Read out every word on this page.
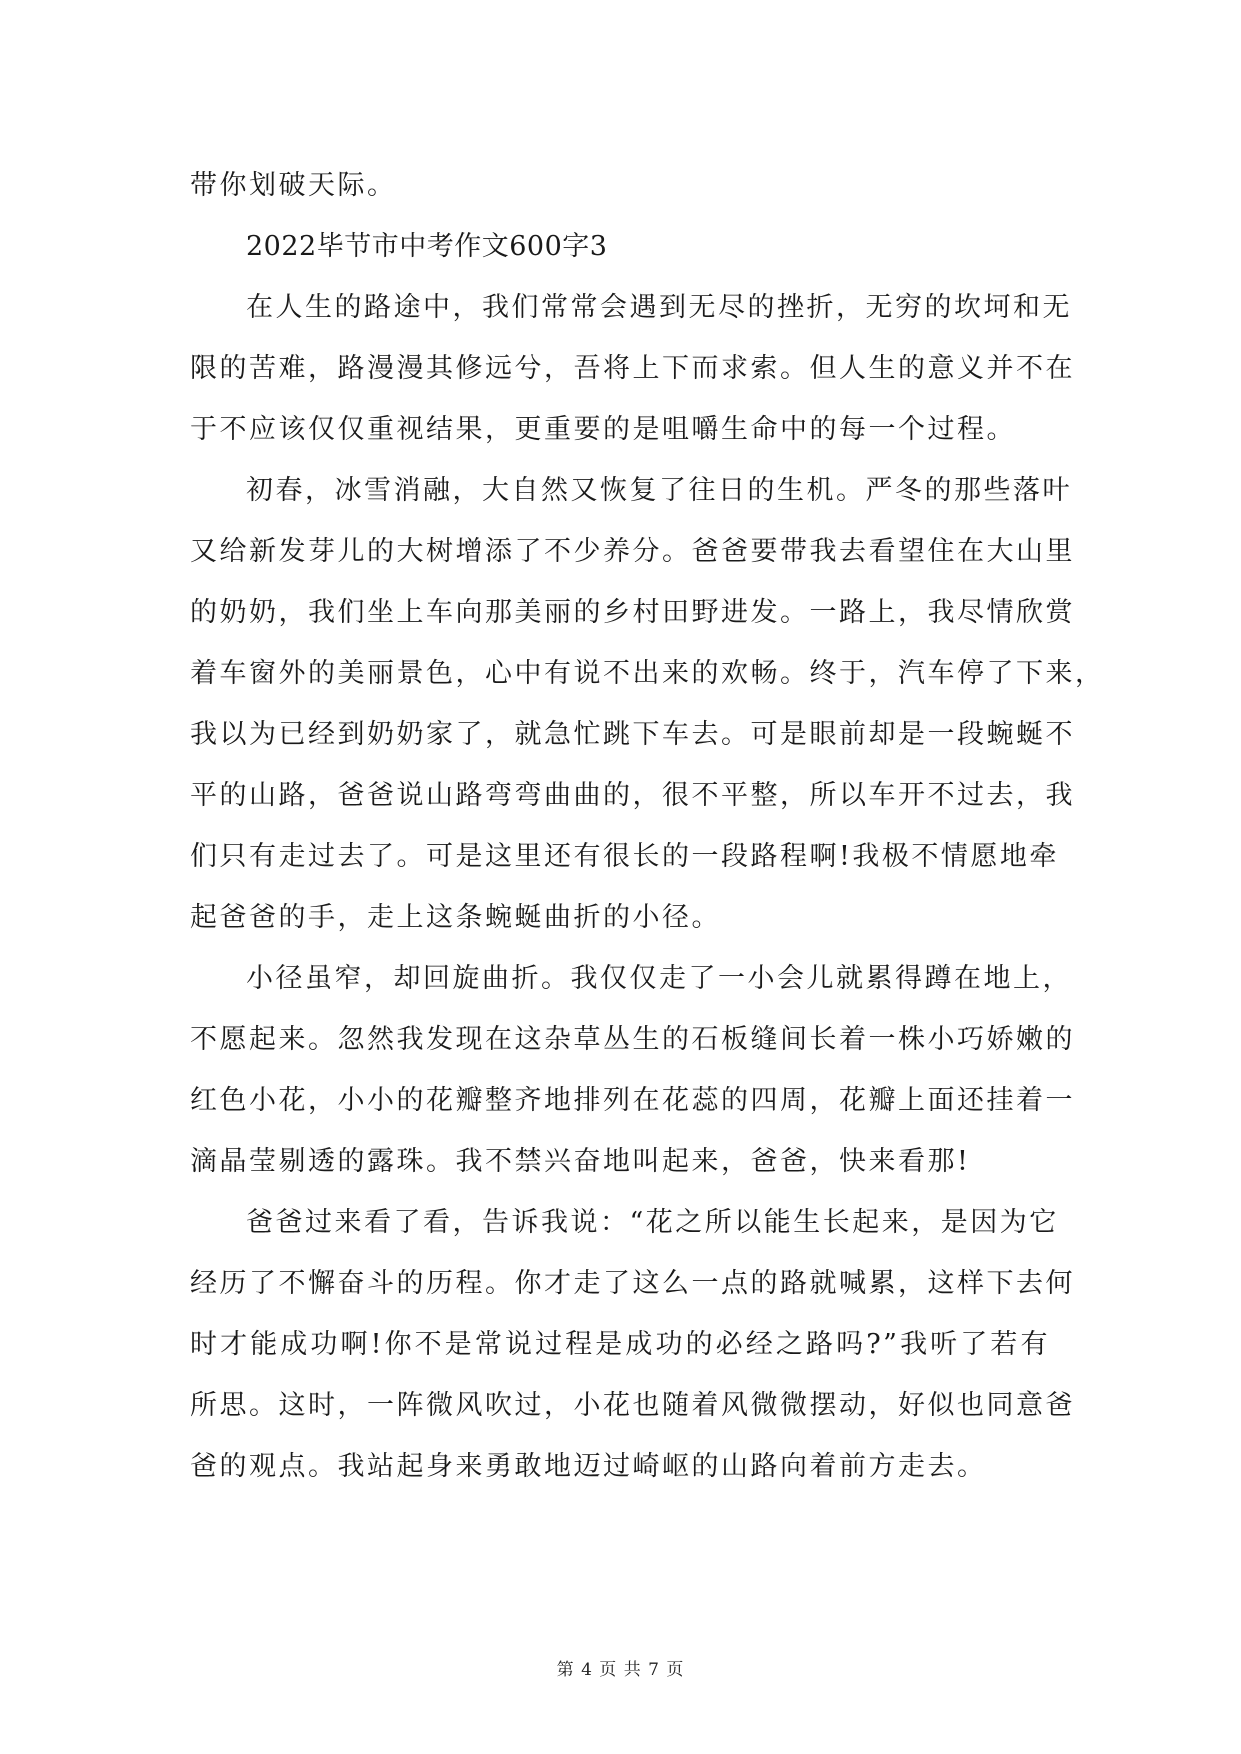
带你划破天际。
2022毕节市中考作文600字3
在人生的路途中，我们常常会遇到无尽的挫折，无穷的坎坷和无
限的苦难，路漫漫其修远兮，吾将上下而求索。但人生的意义并不在
于不应该仅仅重视结果，更重要的是咀嚼生命中的每一个过程。
初春，冰雪消融，大自然又恢复了往日的生机。严冬的那些落叶
又给新发芽儿的大树增添了不少养分。爸爸要带我去看望住在大山里
的奶奶，我们坐上车向那美丽的乡村田野进发。一路上，我尽情欣赏
着车窗外的美丽景色，心中有说不出来的欢畅。终于，汽车停了下来，
我以为已经到奶奶家了，就急忙跳下车去。可是眼前却是一段蜿蜒不
平的山路，爸爸说山路弯弯曲曲的，很不平整，所以车开不过去，我
们只有走过去了。可是这里还有很长的一段路程啊!我极不情愿地牵
起爸爸的手，走上这条蜿蜒曲折的小径。
小径虽窄，却回旋曲折。我仅仅走了一小会儿就累得蹲在地上，
不愿起来。忽然我发现在这杂草丛生的石板缝间长着一株小巧娇嫩的
红色小花，小小的花瓣整齐地排列在花蕊的四周，花瓣上面还挂着一
滴晶莹剔透的露珠。我不禁兴奋地叫起来，爸爸，快来看那!
爸爸过来看了看，告诉我说：“花之所以能生长起来，是因为它
经历了不懈奋斗的历程。你才走了这么一点的路就喊累，这样下去何
时才能成功啊!你不是常说过程是成功的必经之路吗?”我听了若有
所思。这时，一阵微风吹过，小花也随着风微微摆动，好似也同意爸
爸的观点。我站起身来勇敢地迈过崎岖的山路向着前方走去。
第 4 页 共 7 页
